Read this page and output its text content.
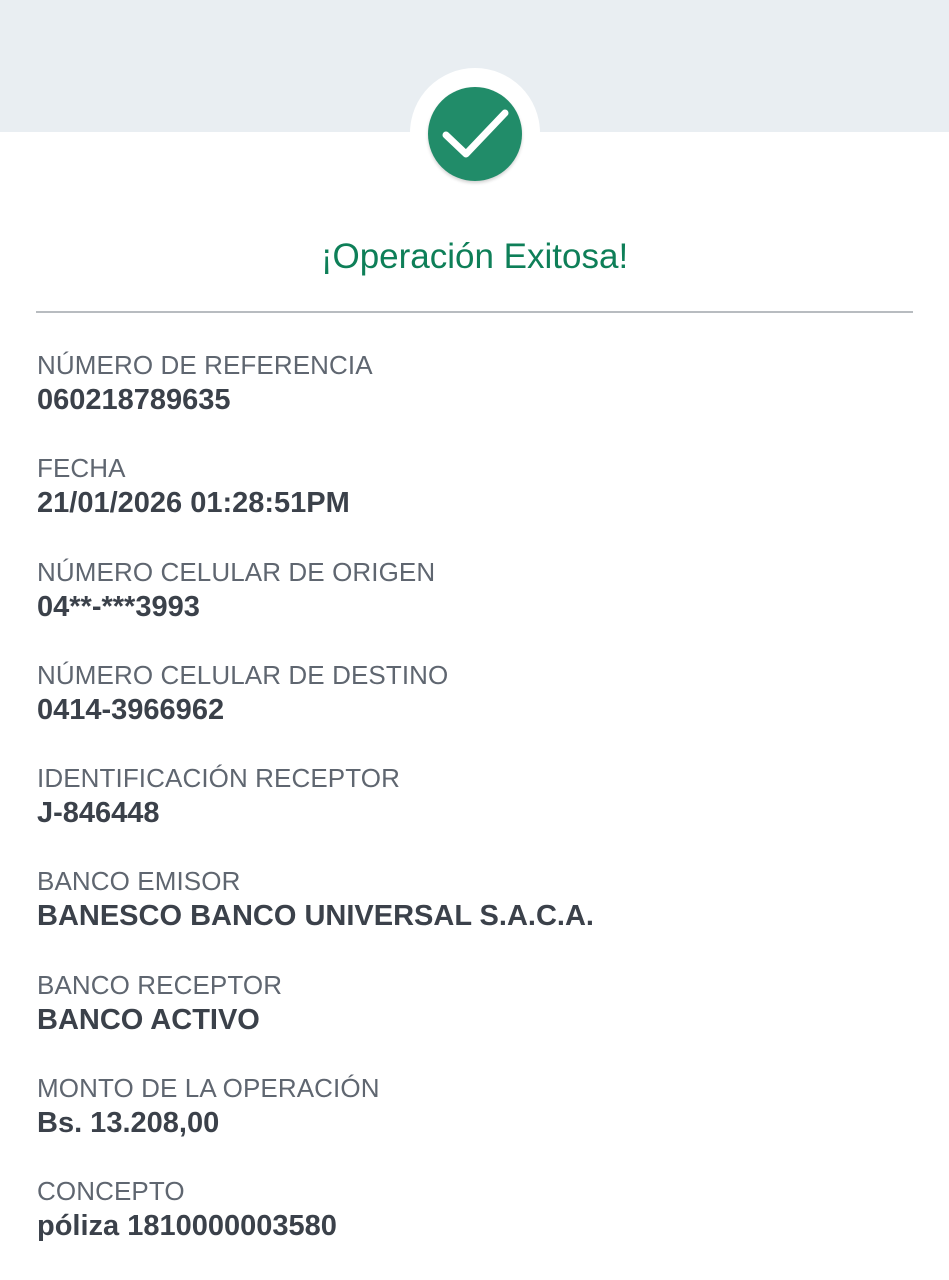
¡Operación Exitosa!
NÚMERO DE REFERENCIA
060218789635
FECHA
21/01/2026 01:28:51PM
NÚMERO CELULAR DE ORIGEN
04**-***3993
NÚMERO CELULAR DE DESTINO
0414-3966962
IDENTIFICACIÓN RECEPTOR
J-846448
BANCO EMISOR
BANESCO BANCO UNIVERSAL S.A.C.A.
BANCO RECEPTOR
BANCO ACTIVO
MONTO DE LA OPERACIÓN
Bs. 13.208,00
CONCEPTO
póliza 1810000003580
